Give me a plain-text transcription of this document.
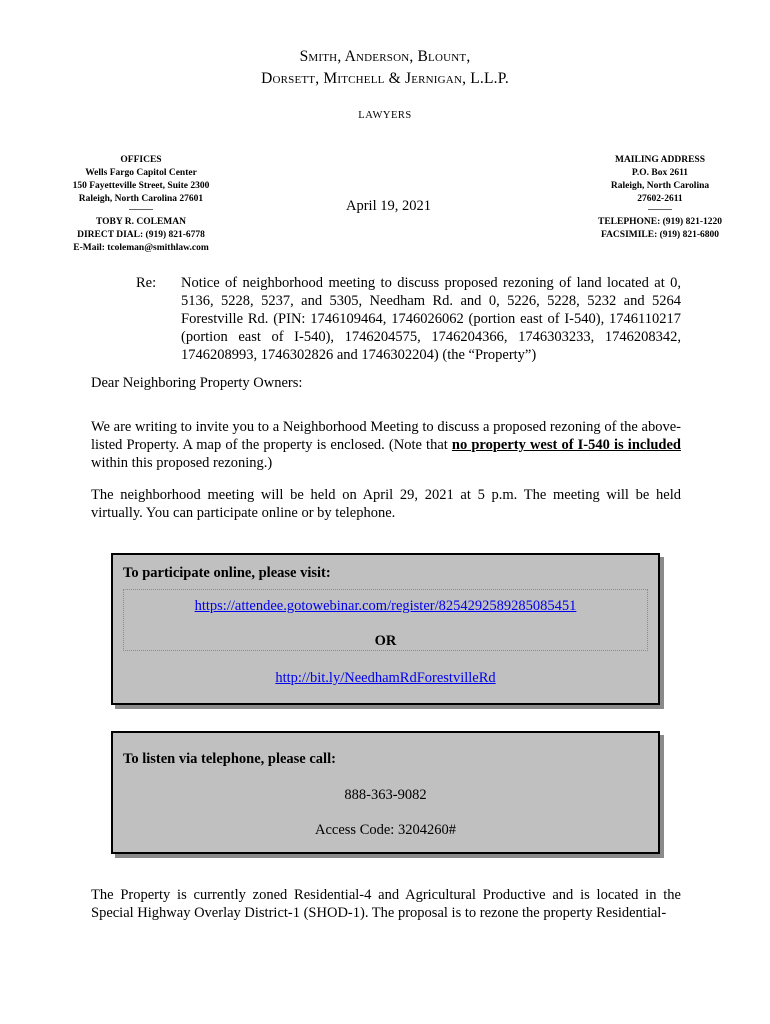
Smith, Anderson, Blount,
Dorsett, Mitchell & Jernigan, L.L.P.
LAWYERS
OFFICES
Wells Fargo Capitol Center
150 Fayetteville Street, Suite 2300
Raleigh, North Carolina 27601
TOBY R. COLEMAN
DIRECT DIAL: (919) 821-6778
E-Mail: tcoleman@smithlaw.com
MAILING ADDRESS
P.O. Box 2611
Raleigh, North Carolina
27602-2611
TELEPHONE: (919) 821-1220
FACSIMILE: (919) 821-6800
April 19, 2021
Re: Notice of neighborhood meeting to discuss proposed rezoning of land located at 0, 5136, 5228, 5237, and 5305, Needham Rd. and 0, 5226, 5228, 5232 and 5264 Forestville Rd. (PIN: 1746109464, 1746026062 (portion east of I-540), 1746110217 (portion east of I-540), 1746204575, 1746204366, 1746303233, 1746208342, 1746208993, 1746302826 and 1746302204) (the “Property”)
Dear Neighboring Property Owners:
We are writing to invite you to a Neighborhood Meeting to discuss a proposed rezoning of the above-listed Property. A map of the property is enclosed. (Note that no property west of I-540 is included within this proposed rezoning.)
The neighborhood meeting will be held on April 29, 2021 at 5 p.m. The meeting will be held virtually. You can participate online or by telephone.
To participate online, please visit:
https://attendee.gotowebinar.com/register/8254292589285085451
OR
http://bit.ly/NeedhamRdForestvilleRd
To listen via telephone, please call:
888-363-9082
Access Code: 3204260#
The Property is currently zoned Residential-4 and Agricultural Productive and is located in the Special Highway Overlay District-1 (SHOD-1). The proposal is to rezone the property Residential-
